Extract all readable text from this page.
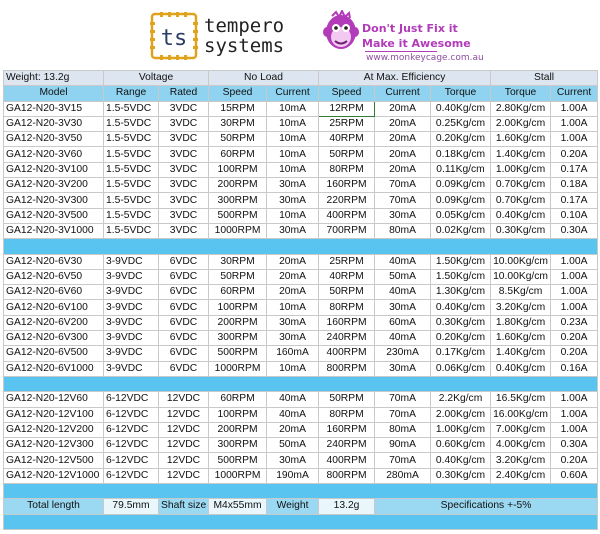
ts tempero
systems
Don't Just Fix it
Make it Awesome
www.monkeycage.com.au
Weight: 13.2g	Voltage		No Load		At Max. Efficiency			Stall	
Model	Range	Rated	Speed	Current	Speed	Current	Torque	Torque	Current
GA12-N20-3V15	1.5-5VDC	3VDC	15RPM	10mA	12RPM	20mA	0.40Kg/cm	2.80Kg/cm	1.00A
GA12-N20-3V30	1.5-5VDC	3VDC	30RPM	10mA	25RPM	20mA	0.25Kg/cm	2.00Kg/cm	1.00A
GA12-N20-3V50	1.5-5VDC	3VDC	50RPM	10mA	40RPM	20mA	0.20Kg/cm	1.60Kg/cm	1.00A
GA12-N20-3V60	1.5-5VDC	3VDC	60RPM	10mA	50RPM	20mA	0.18Kg/cm	1.40Kg/cm	0.20A
GA12-N20-3V100	1.5-5VDC	3VDC	100RPM	10mA	80RPM	20mA	0.11Kg/cm	1.00Kg/cm	0.17A
GA12-N20-3V200	1.5-5VDC	3VDC	200RPM	30mA	160RPM	70mA	0.09Kg/cm	0.70Kg/cm	0.18A
GA12-N20-3V300	1.5-5VDC	3VDC	300RPM	30mA	220RPM	70mA	0.09Kg/cm	0.70Kg/cm	0.17A
GA12-N20-3V500	1.5-5VDC	3VDC	500RPM	10mA	400RPM	30mA	0.05Kg/cm	0.40Kg/cm	0.10A
GA12-N20-3V1000	1.5-5VDC	3VDC	1000RPM	30mA	700RPM	80mA	0.02Kg/cm	0.30Kg/cm	0.30A

GA12-N20-6V30	3-9VDC	6VDC	30RPM	20mA	25RPM	40mA	1.50Kg/cm	10.00Kg/cm	1.00A
GA12-N20-6V50	3-9VDC	6VDC	50RPM	20mA	40RPM	50mA	1.50Kg/cm	10.00Kg/cm	1.00A
GA12-N20-6V60	3-9VDC	6VDC	60RPM	20mA	50RPM	40mA	1.30Kg/cm	8.5Kg/cm	1.00A
GA12-N20-6V100	3-9VDC	6VDC	100RPM	10mA	80RPM	30mA	0.40Kg/cm	3.20Kg/cm	1.00A
GA12-N20-6V200	3-9VDC	6VDC	200RPM	30mA	160RPM	60mA	0.30Kg/cm	1.80Kg/cm	0.23A
GA12-N20-6V300	3-9VDC	6VDC	300RPM	30mA	240RPM	40mA	0.20Kg/cm	1.60Kg/cm	0.20A
GA12-N20-6V500	3-9VDC	6VDC	500RPM	160mA	400RPM	230mA	0.17Kg/cm	1.40Kg/cm	0.20A
GA12-N20-6V1000	3-9VDC	6VDC	1000RPM	10mA	800RPM	30mA	0.06Kg/cm	0.40Kg/cm	0.16A

GA12-N20-12V60	6-12VDC	12VDC	60RPM	40mA	50RPM	70mA	2.2Kg/cm	16.5Kg/cm	1.00A
GA12-N20-12V100	6-12VDC	12VDC	100RPM	40mA	80RPM	70mA	2.00Kg/cm	16.00Kg/cm	1.00A
GA12-N20-12V200	6-12VDC	12VDC	200RPM	20mA	160RPM	80mA	1.00Kg/cm	7.00Kg/cm	1.00A
GA12-N20-12V300	6-12VDC	12VDC	300RPM	50mA	240RPM	90mA	0.60Kg/cm	4.00Kg/cm	0.30A
GA12-N20-12V500	6-12VDC	12VDC	500RPM	30mA	400RPM	70mA	0.40Kg/cm	3.20Kg/cm	0.20A
GA12-N20-12V1000	6-12VDC	12VDC	1000RPM	190mA	800RPM	280mA	0.30Kg/cm	2.40Kg/cm	0.60A

Total length	79.5mm	Shaft size	M4x55mm	Weight	13.2g	Specifications +-5%			
